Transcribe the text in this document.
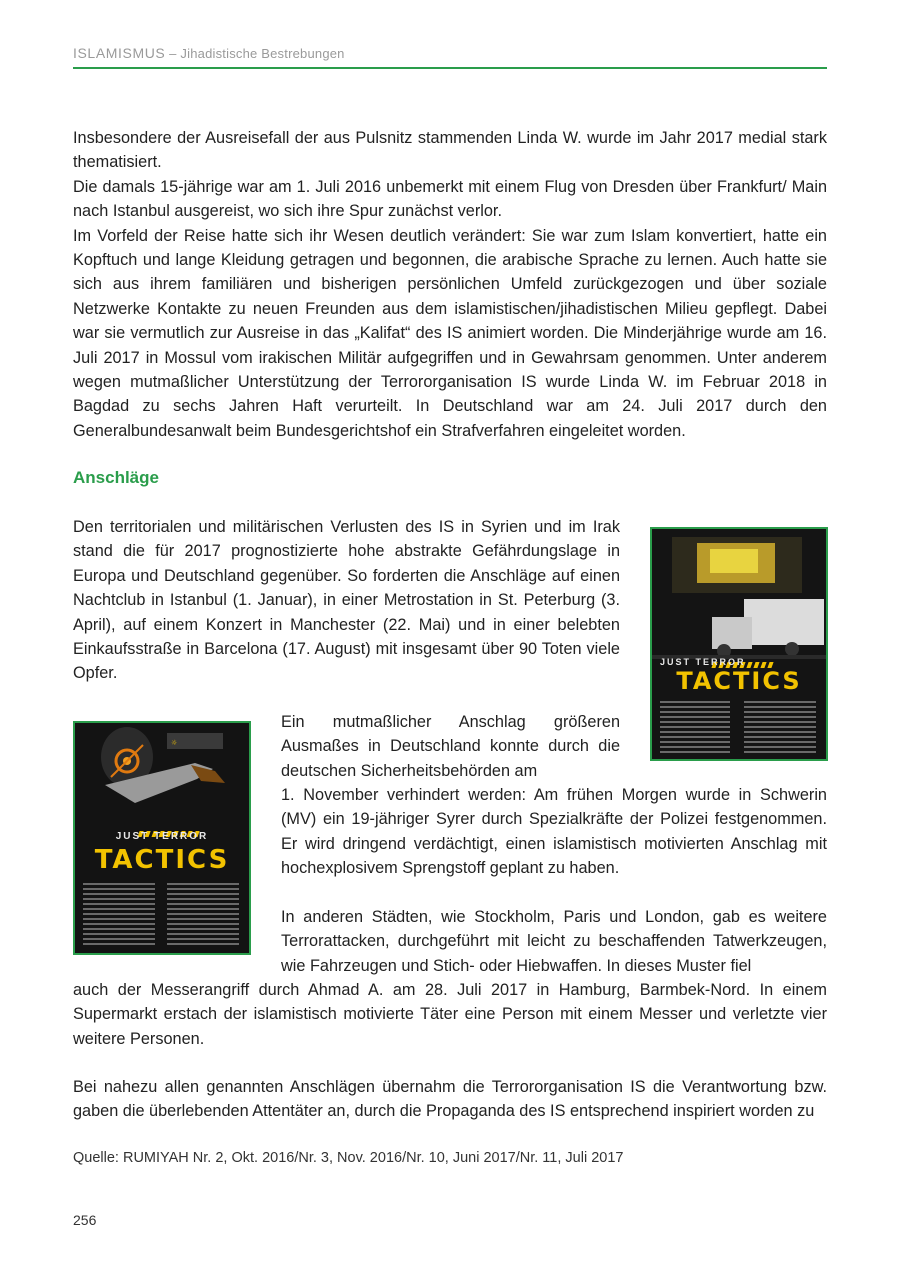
ISLAMISMUS – Jihadistische Bestrebungen

Insbesondere der Ausreisefall der aus Pulsnitz stammenden Linda W. wurde im Jahr 2017 medial stark thematisiert.

Die damals 15-jährige war am 1. Juli 2016 unbemerkt mit einem Flug von Dresden über Frankfurt/ Main nach Istanbul ausgereist, wo sich ihre Spur zunächst verlor.

Im Vorfeld der Reise hatte sich ihr Wesen deutlich verändert: Sie war zum Islam konvertiert, hatte ein Kopftuch und lange Kleidung getragen und begonnen, die arabische Sprache zu lernen. Auch hatte sie sich aus ihrem familiären und bisherigen persönlichen Umfeld zurückgezogen und über soziale Netzwerke Kontakte zu neuen Freunden aus dem islamistischen/jihadistischen Milieu gepflegt. Dabei war sie vermutlich zur Ausreise in das „Kalifat“ des IS animiert worden. Die Minderjährige wurde am 16. Juli 2017 in Mossul vom irakischen Militär aufgegriffen und in Gewahrsam genommen. Unter anderem wegen mutmaßlicher Unterstützung der Terrororganisation IS wurde Linda W. im Februar 2018 in Bagdad zu sechs Jahren Haft verurteilt. In Deutschland war am 24. Juli 2017 durch den Generalbundesanwalt beim Bundesgerichtshof ein Strafverfahren eingeleitet worden.

Anschläge

Den territorialen und militärischen Verlusten des IS in Syrien und im Irak stand die für 2017 prognostizierte hohe abstrakte Gefährdungslage in Europa und Deutschland gegenüber. So forderten die Anschläge auf einen Nachtclub in Istanbul (1. Januar), in einer Metrostation in St. Peterburg (3. April), auf einem Konzert in Manchester (22. Mai) und in einer belebten Einkaufsstraße in Barcelona (17. August) mit insgesamt über 90 Toten viele Opfer.

JUST TERROR
TACTICS
☼
JUST TERROR
TACTICS

Ein mutmaßlicher Anschlag größeren Ausmaßes in Deutschland konnte durch die deutschen Sicherheitsbehörden am

1. November verhindert werden: Am frühen Morgen wurde in Schwerin (MV) ein 19-jähriger Syrer durch Spezialkräfte der Polizei festgenommen. Er wird dringend verdächtigt, einen islamistisch motivierten Anschlag mit hochexplosivem Sprengstoff geplant zu haben.

In anderen Städten, wie Stockholm, Paris und London, gab es weitere Terrorattacken, durchgeführt mit leicht zu beschaffenden Tatwerkzeugen, wie Fahrzeugen und Stich- oder Hiebwaffen. In dieses Muster fiel

auch der Messerangriff durch Ahmad A. am 28. Juli 2017 in Hamburg, Barmbek-Nord. In einem Supermarkt erstach der islamistisch motivierte Täter eine Person mit einem Messer und verletzte vier weitere Personen.

Bei nahezu allen genannten Anschlägen übernahm die Terrororganisation IS die Verantwortung bzw. gaben die überlebenden Attentäter an, durch die Propaganda des IS entsprechend inspiriert worden zu

Quelle: RUMIYAH Nr. 2, Okt. 2016/Nr. 3, Nov. 2016/Nr. 10, Juni 2017/Nr. 11, Juli 2017
256
